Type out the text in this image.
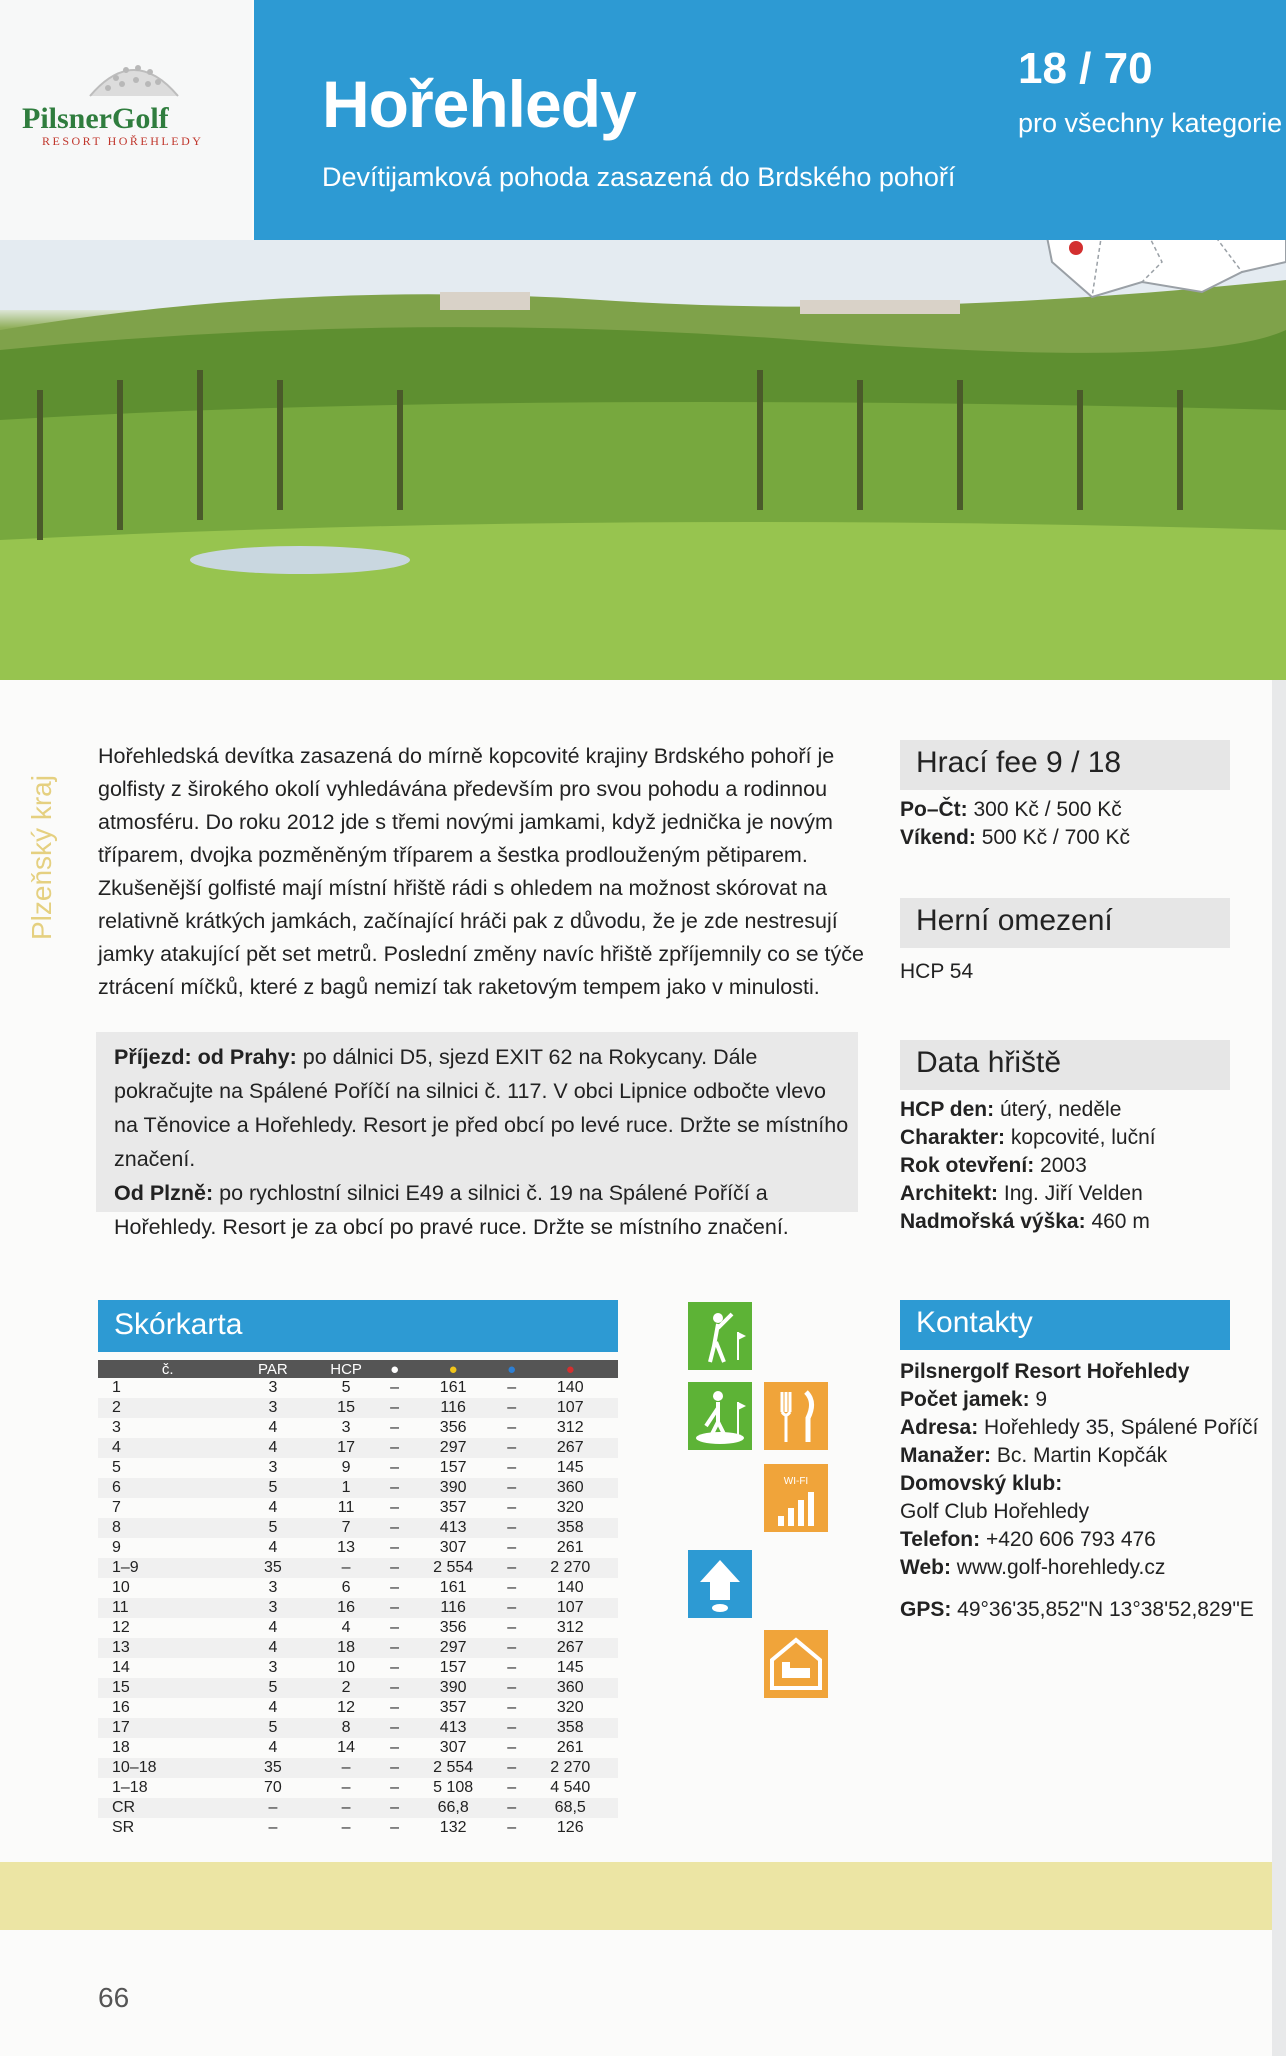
PilsnerGolf
RESORT HOŘEHLEDY Hořehledy
Devítijamková pohoda zasazená do Brdského pohoří
18 / 70
pro všechny kategorie
Plzeňský kraj
Hořehledská devítka zasazená do mírně kopcovité krajiny Brdského pohoří je golfisty z širokého okolí vyhledávána především pro svou pohodu a rodinnou atmosféru. Do roku 2012 jde s třemi novými jamkami, když jednička je novým tříparem, dvojka pozměněným tříparem a šestka prodlouženým pětiparem. Zkušenější golfisté mají místní hřiště rádi s ohledem na možnost skórovat na relativně krátkých jamkách, začínající hráči pak z důvodu, že je zde nestresují jamky atakující pět set metrů. Poslední změny navíc hřiště zpříjemnily co se týče ztrácení míčků, které z bagů nemizí tak raketovým tempem jako v minulosti.
Příjezd: od Prahy: po dálnici D5, sjezd EXIT 62 na Rokycany. Dále pokračujte na Spálené Poříčí na silnici č. 117. V obci Lipnice odbočte vlevo na Těnovice a Hořehledy. Resort je před obcí po levé ruce. Držte se místního značení.
Od Plzně: po rychlostní silnici E49 a silnici č. 19 na Spálené Poříčí a Hořehledy. Resort je za obcí po pravé ruce. Držte se místního značení.
Hrací fee 9 / 18
Po–Čt: 300 Kč / 500 Kč
Víkend: 500 Kč / 700 Kč
Herní omezení
HCP 54
Data hřiště
HCP den: úterý, neděle
Charakter: kopcovité, luční
Rok otevření: 2003
Architekt: Ing. Jiří Velden
Nadmořská výška: 460 m
Skórkarta
č.	PAR	HCP	●	●	●	●
1	3	5	–	161	–	140
2	3	15	–	116	–	107
3	4	3	–	356	–	312
4	4	17	–	297	–	267
5	3	9	–	157	–	145
6	5	1	–	390	–	360
7	4	11	–	357	–	320
8	5	7	–	413	–	358
9	4	13	–	307	–	261
1–9	35	–	–	2 554	–	2 270
10	3	6	–	161	–	140
11	3	16	–	116	–	107
12	4	4	–	356	–	312
13	4	18	–	297	–	267
14	3	10	–	157	–	145
15	5	2	–	390	–	360
16	4	12	–	357	–	320
17	5	8	–	413	–	358
18	4	14	–	307	–	261
10–18	35	–	–	2 554	–	2 270
1–18	70	–	–	5 108	–	4 540
CR	–	–	–	66,8	–	68,5
SR	–	–	–	132	–	126
WI-FI
Kontakty
Pilsnergolf Resort Hořehledy
Počet jamek: 9
Adresa: Hořehledy 35, Spálené Poříčí
Manažer: Bc. Martin Kopčák
Domovský klub:
Golf Club Hořehledy
Telefon: +420 606 793 476
Web: www.golf-horehledy.cz
GPS: 49°36'35,852"N 13°38'52,829"E
66
